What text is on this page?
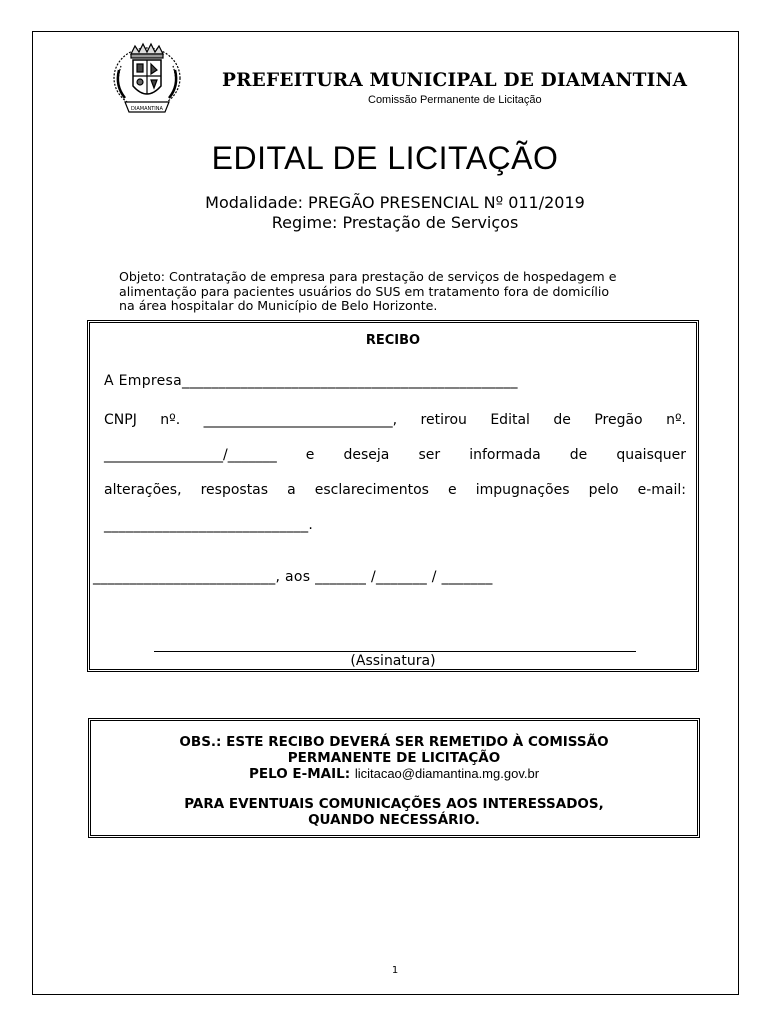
DIAMANTINA
PREFEITURA MUNICIPAL DE DIAMANTINA
Comissão Permanente de Licitação
EDITAL DE LICITAÇÃO
Modalidade: PREGÃO PRESENCIAL Nº 011/2019
Regime: Prestação de Serviços
Objeto: Contratação de empresa para prestação de serviços de hospedagem e
alimentação para pacientes usuários do SUS em tratamento fora de domicílio
na área hospitalar do Município de Belo Horizonte.
RECIBO
A Empresa______________________________________________
CNPJ nº. ___________________________, retirou Edital de Pregão nº.
_________________/_______ e deseja ser informada de quaisquer
alterações, respostas a esclarecimentos e impugnações pelo e-mail:
____________________________.
_________________________, aos _______ /_______ / _______
(Assinatura)
OBS.: ESTE RECIBO DEVERÁ SER REMETIDO À COMISSÃO
PERMANENTE DE LICITAÇÃO
PELO E-MAIL: licitacao@diamantina.mg.gov.br
PARA EVENTUAIS COMUNICAÇÕES AOS INTERESSADOS,
QUANDO NECESSÁRIO.
1
